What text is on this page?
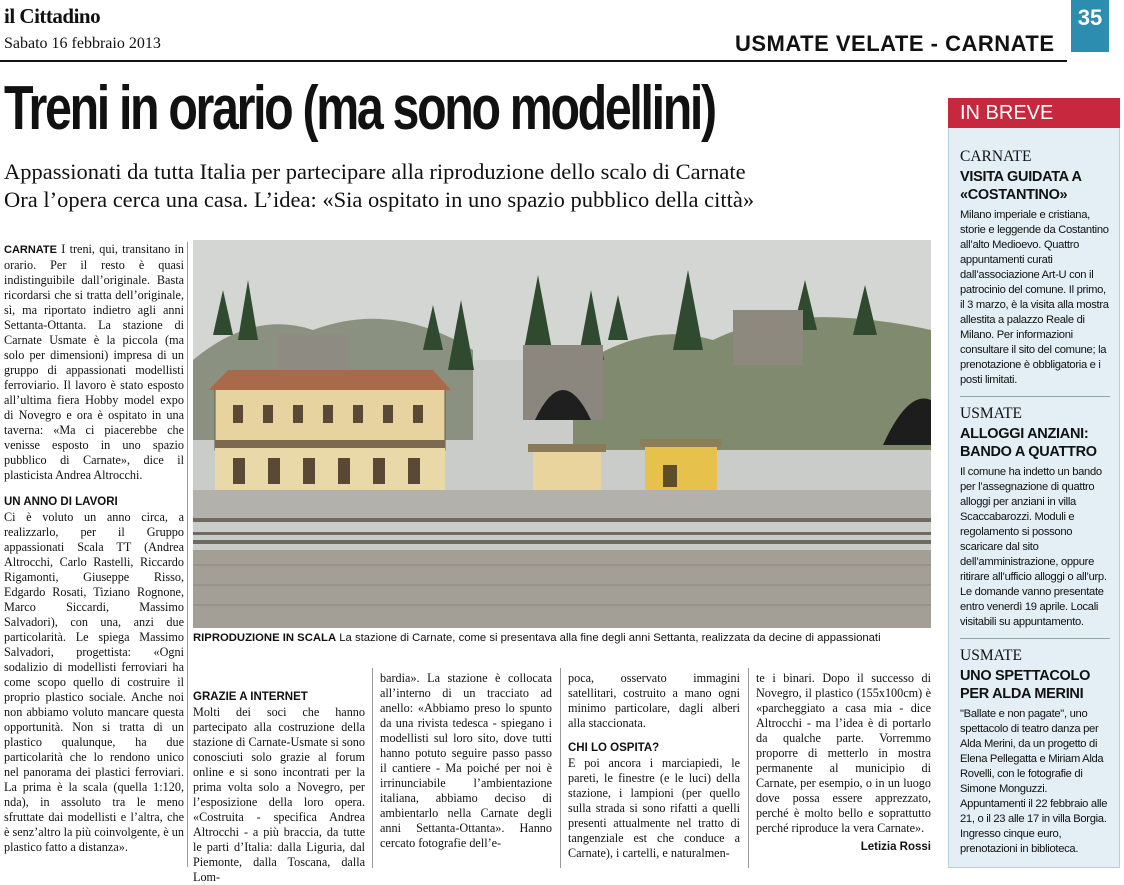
il Cittadino
Sabato 16 febbraio 2013	USMATE VELATE - CARNATE
35
Treni in orario (ma sono modellini)
Appassionati da tutta Italia per partecipare alla riproduzione dello scalo di Carnate
Ora l’opera cerca una casa. L’idea: «Sia ospitato in uno spazio pubblico della città»

CARNATE I treni, qui, transitano in orario. Per il resto è quasi indistinguibile dall’originale. Basta ricordarsi che si tratta dell’originale, sì, ma riportato indietro agli anni Settanta-Ottanta. La stazione di Carnate Usmate è la piccola (ma solo per dimensioni) impresa di un gruppo di appassionati modellisti ferroviario. Il lavoro è stato esposto all’ultima fiera Hobby model expo di Novegro e ora è ospitato in una taverna: «Ma ci piacerebbe che venisse esposto in uno spazio pubblico di Carnate», dice il plasticista Andrea Altrocchi.

UN ANNO DI LAVORI

Ci è voluto un anno circa, a realizzarlo, per il Gruppo appassionati Scala TT (Andrea Altrocchi, Carlo Rastelli, Riccardo Rigamonti, Giuseppe Risso, Edgardo Rosati, Tiziano Rognone, Marco Siccardi, Massimo Salvadori), con una, anzi due particolarità. Le spiega Massimo Salvadori, progettista: «Ogni sodalizio di modellisti ferroviari ha come scopo quello di costruire il proprio plastico sociale. Anche noi non abbiamo voluto mancare questa opportunità. Non si tratta di un plastico qualunque, ha due particolarità che lo rendono unico nel panorama dei plastici ferroviari. La prima è la scala (quella 1:120, nda), in assoluto tra le meno sfruttate dai modellisti e l’altra, che è senz’altro la più coinvolgente, è un plastico fatto a distanza».

RIPRODUZIONE IN SCALA La stazione di Carnate, come si presentava alla fine degli anni Settanta, realizzata da decine di appassionati

GRAZIE A INTERNET

Molti dei soci che hanno partecipato alla costruzione della stazione di Carnate-Usmate si sono conosciuti solo grazie al forum online e si sono incontrati per la prima volta solo a Novegro, per l’esposizione della loro opera. «Costruita - specifica Andrea Altrocchi - a più braccia, da tutte le parti d’Italia: dalla Liguria, dal Piemonte, dalla Toscana, dalla Lom-

bardia». La stazione è collocata all’interno di un tracciato ad anello: «Abbiamo preso lo spunto da una rivista tedesca - spiegano i modellisti sul loro sito, dove tutti hanno potuto seguire passo passo il cantiere - Ma poiché per noi è irrinunciabile l’ambientazione italiana, abbiamo deciso di ambientarlo nella Carnate degli anni Settanta-Ottanta». Hanno cercato fotografie dell’e-

poca, osservato immagini satellitari, costruito a mano ogni minimo particolare, dagli alberi alla staccionata.

CHI LO OSPITA?

E poi ancora i marciapiedi, le pareti, le finestre (e le luci) della stazione, i lampioni (per quello sulla strada si sono rifatti a quelli presenti attualmente nel tratto di tangenziale est che conduce a Carnate), i cartelli, e naturalmen-

te i binari. Dopo il successo di Novegro, il plastico (155x100cm) è «parcheggiato a casa mia - dice Altrocchi - ma l’idea è di portarlo da qualche parte. Vorremmo proporre di metterlo in mostra permanente al municipio di Carnate, per esempio, o in un luogo dove possa essere apprezzato, perché è molto bello e soprattutto perché riproduce la vera Carnate».

Letizia Rossi

IN BREVE
CARNATE
VISITA GUIDATA A «COSTANTINO»
Milano imperiale e cristiana, storie e leggende da Costantino all’alto Medioevo. Quattro appuntamenti curati dall’associazione Art-U con il patrocinio del comune. Il primo, il 3 marzo, è la visita alla mostra allestita a palazzo Reale di Milano. Per informazioni consultare il sito del comune; la prenotazione è obbligatoria e i posti limitati.
USMATE
ALLOGGI ANZIANI: BANDO A QUATTRO
Il comune ha indetto un bando per l’assegnazione di quattro alloggi per anziani in villa Scaccabarozzi. Moduli e regolamento si possono scaricare dal sito dell’amministrazione, oppure ritirare all’ufficio alloggi o all’urp. Le domande vanno presentate entro venerdì 19 aprile. Locali visitabili su appuntamento.
USMATE
UNO SPETTACOLO PER ALDA MERINI
"Ballate e non pagate", uno spettacolo di teatro danza per Alda Merini, da un progetto di Elena Pellegatta e Miriam Alda Rovelli, con le fotografie di Simone Monguzzi. Appuntamenti il 22 febbraio alle 21, o il 23 alle 17 in villa Borgia. Ingresso cinque euro, prenotazioni in biblioteca.
